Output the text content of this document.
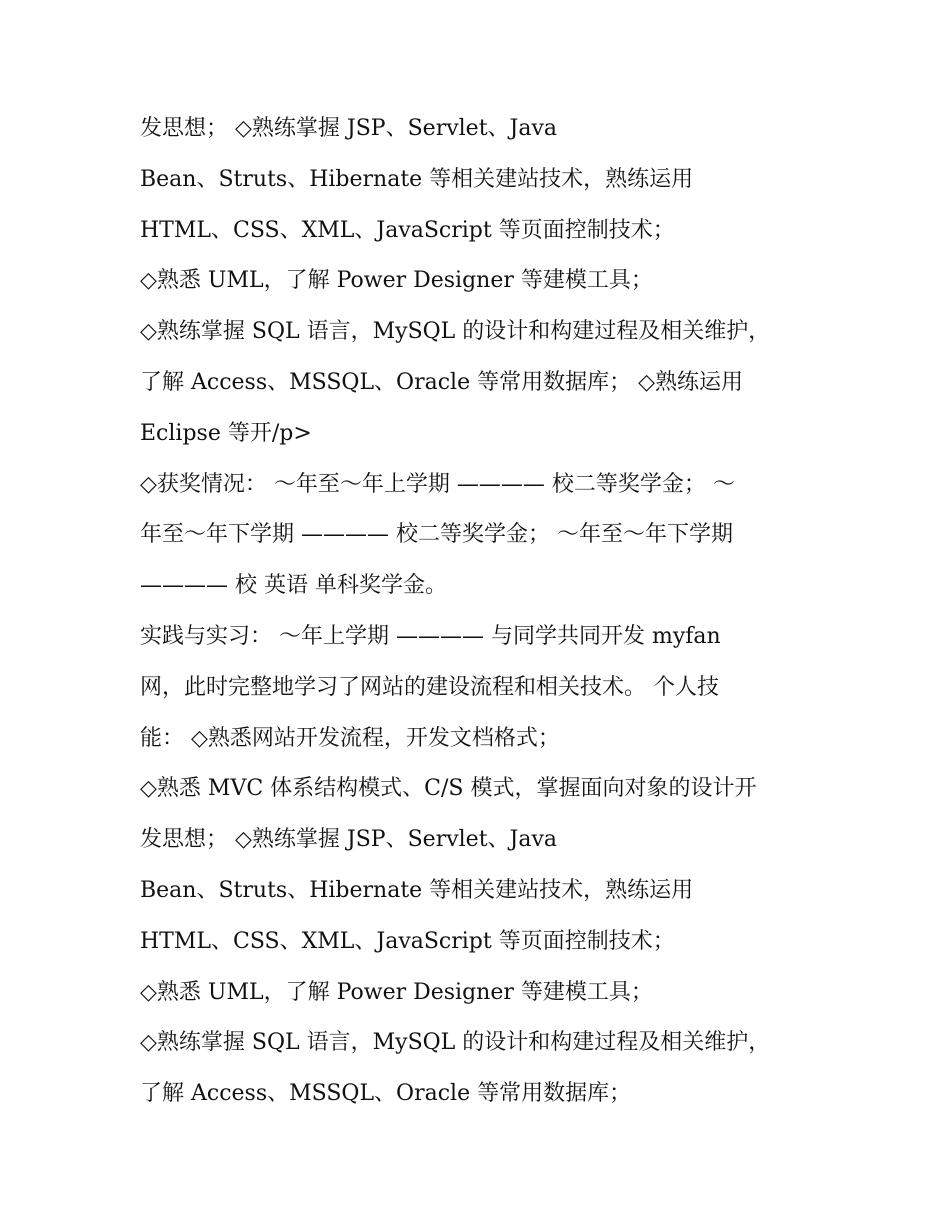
发思想； ◇熟练掌握 JSP、Servlet、Java
Bean、Struts、Hibernate 等相关建站技术，熟练运用
HTML、CSS、XML、JavaScript 等页面控制技术；
◇熟悉 UML，了解 Power Designer 等建模工具；
◇熟练掌握 SQL 语言，MySQL 的设计和构建过程及相关维护，
了解 Access、MSSQL、Oracle 等常用数据库； ◇熟练运用
Eclipse 等开/p>
◇获奖情况： ～年至～年上学期 ———— 校二等奖学金； ～
年至～年下学期 ———— 校二等奖学金； ～年至～年下学期
———— 校 英语 单科奖学金。
实践与实习： ～年上学期 ———— 与同学共同开发 myfan
网，此时完整地学习了网站的建设流程和相关技术。 个人技
能： ◇熟悉网站开发流程，开发文档格式；
◇熟悉 MVC 体系结构模式、C/S 模式，掌握面向对象的设计开
发思想； ◇熟练掌握 JSP、Servlet、Java
Bean、Struts、Hibernate 等相关建站技术，熟练运用
HTML、CSS、XML、JavaScript 等页面控制技术；
◇熟悉 UML，了解 Power Designer 等建模工具；
◇熟练掌握 SQL 语言，MySQL 的设计和构建过程及相关维护，
了解 Access、MSSQL、Oracle 等常用数据库；
